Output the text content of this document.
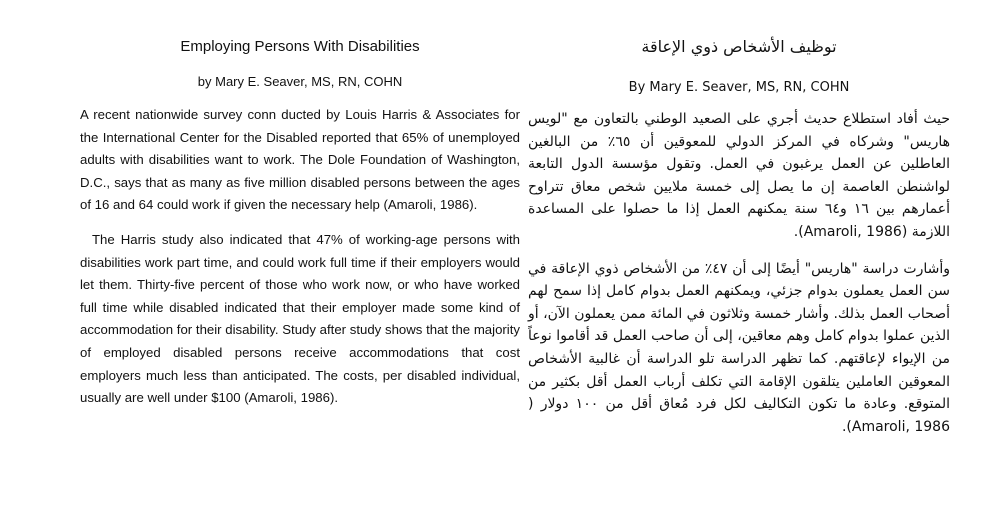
Employing Persons With Disabilities

by Mary E. Seaver, MS, RN, COHN

A recent nationwide survey conn ducted by Louis Harris & Associates for the International Center for the Disabled reported that 65% of unemployed adults with disabilities want to work. The Dole Foundation of Washington, D.C., says that as many as five million disabled persons between the ages of 16 and 64 could work if given the necessary help (Amaroli, 1986).

The Harris study also indicated that 47% of working-age persons with disabilities work part time, and could work full time if their employers would let them. Thirty-five percent of those who work now, or who have worked full time while disabled indicated that their employer made some kind of accommodation for their disability. Study after study shows that the majority of employed disabled persons receive accommodations that cost employers much less than anticipated. The costs, per disabled individual, usually are well under $100 (Amaroli, 1986).

توظيف الأشخاص ذوي الإعاقة

By Mary E. Seaver, MS, RN, COHN

حيث أفاد استطلاع حديث أجري على الصعيد الوطني بالتعاون مع "لويس هاريس" وشركاه في المركز الدولي للمعوقين أن ٦٥٪ من البالغين العاطلين عن العمل يرغبون في العمل. وتقول مؤسسة الدول التابعة لواشنطن العاصمة إن ما يصل إلى خمسة ملايين شخص معاق تتراوح أعمارهم بين ١٦ و٦٤ سنة يمكنهم العمل إذا ما حصلوا على المساعدة اللازمة (Amaroli, 1986).

وأشارت دراسة "هاريس" أيضًا إلى أن ٤٧٪ من الأشخاص ذوي الإعاقة في سن العمل يعملون بدوام جزئي، ويمكنهم العمل بدوام كامل إذا سمح لهم أصحاب العمل بذلك. وأشار خمسة وثلاثون في المائة ممن يعملون الآن، أو الذين عملوا بدوام كامل وهم معاقين، إلى أن صاحب العمل قد أقاموا نوعاً من الإيواء لإعاقتهم. كما تظهر الدراسة تلو الدراسة أن غالبية الأشخاص المعوقين العاملين يتلقون الإقامة التي تكلف أرباب العمل أقل بكثير من المتوقع. وعادة ما تكون التكاليف لكل فرد مُعاق أقل من ١٠٠ دولار ( Amaroli, 1986).
